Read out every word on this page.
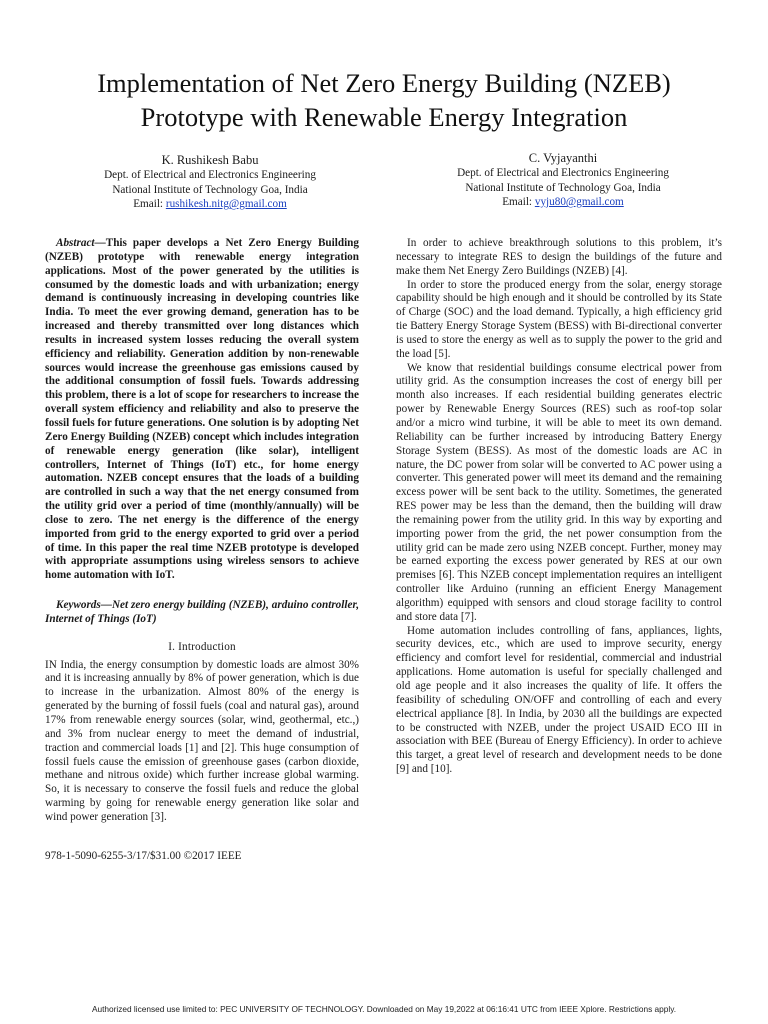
Implementation of Net Zero Energy Building (NZEB)
Prototype with Renewable Energy Integration
K. Rushikesh Babu
Dept. of Electrical and Electronics Engineering
National Institute of Technology Goa, India
Email: rushikesh.nitg@gmail.com
C. Vyjayanthi
Dept. of Electrical and Electronics Engineering
National Institute of Technology Goa, India
Email: vyju80@gmail.com

Abstract—This paper develops a Net Zero Energy Building (NZEB) prototype with renewable energy integration applications. Most of the power generated by the utilities is consumed by the domestic loads and with urbanization; energy demand is continuously increasing in developing countries like India. To meet the ever growing demand, generation has to be increased and thereby transmitted over long distances which results in increased system losses reducing the overall system efficiency and reliability. Generation addition by non-renewable sources would increase the greenhouse gas emissions caused by the additional consumption of fossil fuels. Towards addressing this problem, there is a lot of scope for researchers to increase the overall system efficiency and reliability and also to preserve the fossil fuels for future generations. One solution is by adopting Net Zero Energy Building (NZEB) concept which includes integration of renewable energy generation (like solar), intelligent controllers, Internet of Things (IoT) etc., for home energy automation. NZEB concept ensures that the loads of a building are controlled in such a way that the net energy consumed from the utility grid over a period of time (monthly/annually) will be close to zero. The net energy is the difference of the energy imported from grid to the energy exported to grid over a period of time. In this paper the real time NZEB prototype is developed with appropriate assumptions using wireless sensors to achieve home automation with IoT.

Keywords—Net zero energy building (NZEB), arduino controller, Internet of Things (IoT)

I. Introduction

IN India, the energy consumption by domestic loads are almost 30% and it is increasing annually by 8% of power generation, which is due to increase in the urbanization. Almost 80% of the energy is generated by the burning of fossil fuels (coal and natural gas), around 17% from renewable energy sources (solar, wind, geothermal, etc.,) and 3% from nuclear energy to meet the demand of industrial, traction and commercial loads [1] and [2]. This huge consumption of fossil fuels cause the emission of greenhouse gases (carbon dioxide, methane and nitrous oxide) which further increase global warming. So, it is necessary to conserve the fossil fuels and reduce the global warming by going for renewable energy generation like solar and wind power generation [3].

978-1-5090-6255-3/17/$31.00 ©2017 IEEE

In order to achieve breakthrough solutions to this problem, it’s necessary to integrate RES to design the buildings of the future and make them Net Energy Zero Buildings (NZEB) [4].

In order to store the produced energy from the solar, energy storage capability should be high enough and it should be controlled by its State of Charge (SOC) and the load demand. Typically, a high efficiency grid tie Battery Energy Storage System (BESS) with Bi-directional converter is used to store the energy as well as to supply the power to the grid and the load [5].

We know that residential buildings consume electrical power from utility grid. As the consumption increases the cost of energy bill per month also increases. If each residential building generates electric power by Renewable Energy Sources (RES) such as roof-top solar and/or a micro wind turbine, it will be able to meet its own demand. Reliability can be further increased by introducing Battery Energy Storage System (BESS). As most of the domestic loads are AC in nature, the DC power from solar will be converted to AC power using a converter. This generated power will meet its demand and the remaining excess power will be sent back to the utility. Sometimes, the generated RES power may be less than the demand, then the building will draw the remaining power from the utility grid. In this way by exporting and importing power from the grid, the net power consumption from the utility grid can be made zero using NZEB concept. Further, money may be earned exporting the excess power generated by RES at our own premises [6]. This NZEB concept implementation requires an intelligent controller like Arduino (running an efficient Energy Management algorithm) equipped with sensors and cloud storage facility to control and store data [7].

Home automation includes controlling of fans, appliances, lights, security devices, etc., which are used to improve security, energy efficiency and comfort level for residential, commercial and industrial applications. Home automation is useful for specially challenged and old age people and it also increases the quality of life. It offers the feasibility of scheduling ON/OFF and controlling of each and every electrical appliance [8]. In India, by 2030 all the buildings are expected to be constructed with NZEB, under the project USAID ECO III in association with BEE (Bureau of Energy Efficiency). In order to achieve this target, a great level of research and development needs to be done [9] and [10].

Authorized licensed use limited to: PEC UNIVERSITY OF TECHNOLOGY. Downloaded on May 19,2022 at 06:16:41 UTC from IEEE Xplore. Restrictions apply.
